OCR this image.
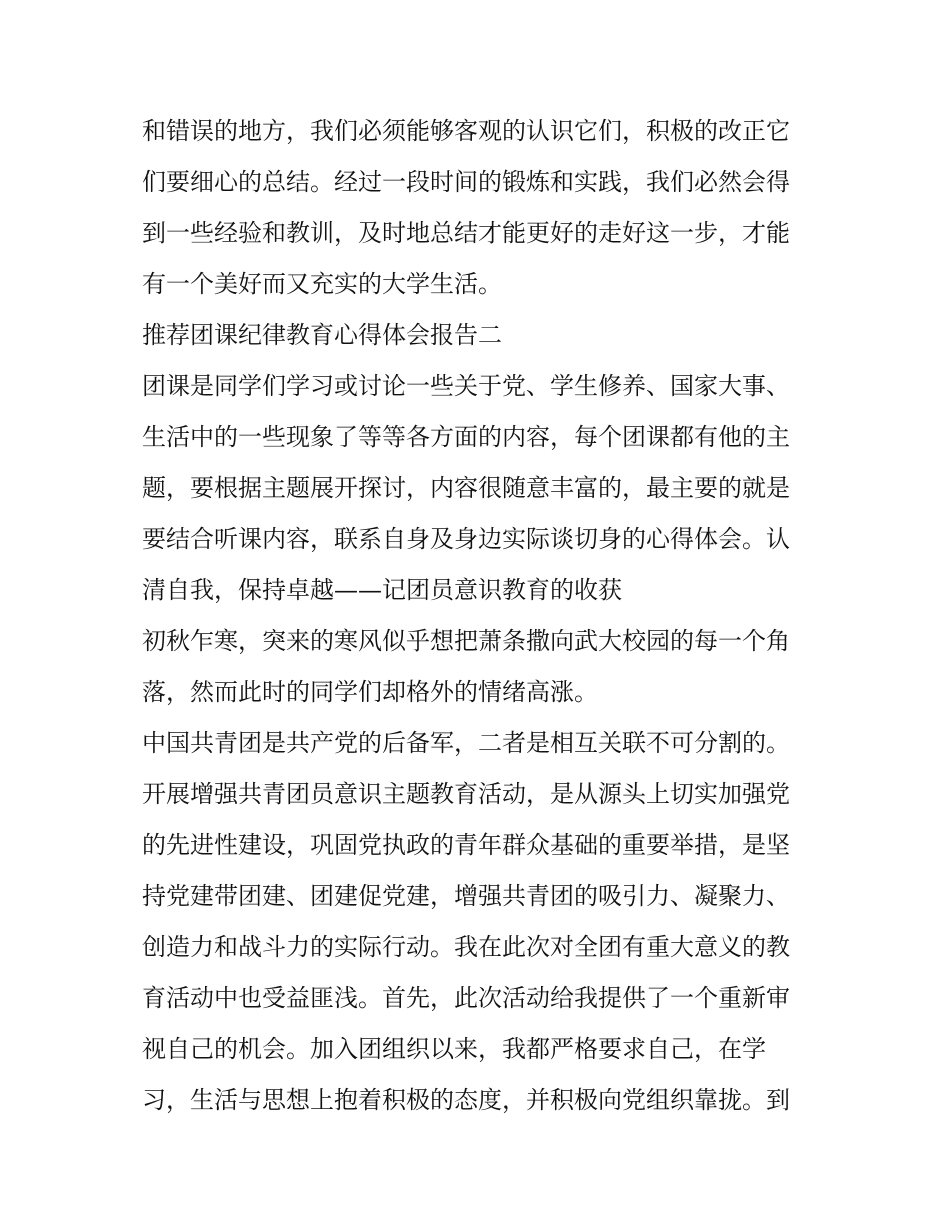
和错误的地方，我们必须能够客观的认识它们，积极的改正它
们要细心的总结。经过一段时间的锻炼和实践，我们必然会得
到一些经验和教训，及时地总结才能更好的走好这一步，才能
有一个美好而又充实的大学生活。
推荐团课纪律教育心得体会报告二
团课是同学们学习或讨论一些关于党、学生修养、国家大事、
生活中的一些现象了等等各方面的内容，每个团课都有他的主
题，要根据主题展开探讨，内容很随意丰富的，最主要的就是
要结合听课内容，联系自身及身边实际谈切身的心得体会。认
清自我，保持卓越——记团员意识教育的收获
初秋乍寒，突来的寒风似乎想把萧条撒向武大校园的每一个角
落，然而此时的同学们却格外的情绪高涨。
中国共青团是共产党的后备军，二者是相互关联不可分割的。
开展增强共青团员意识主题教育活动，是从源头上切实加强党
的先进性建设，巩固党执政的青年群众基础的重要举措，是坚
持党建带团建、团建促党建，增强共青团的吸引力、凝聚力、
创造力和战斗力的实际行动。我在此次对全团有重大意义的教
育活动中也受益匪浅。首先，此次活动给我提供了一个重新审
视自己的机会。加入团组织以来，我都严格要求自己，在学
习，生活与思想上抱着积极的态度，并积极向党组织靠拢。到
